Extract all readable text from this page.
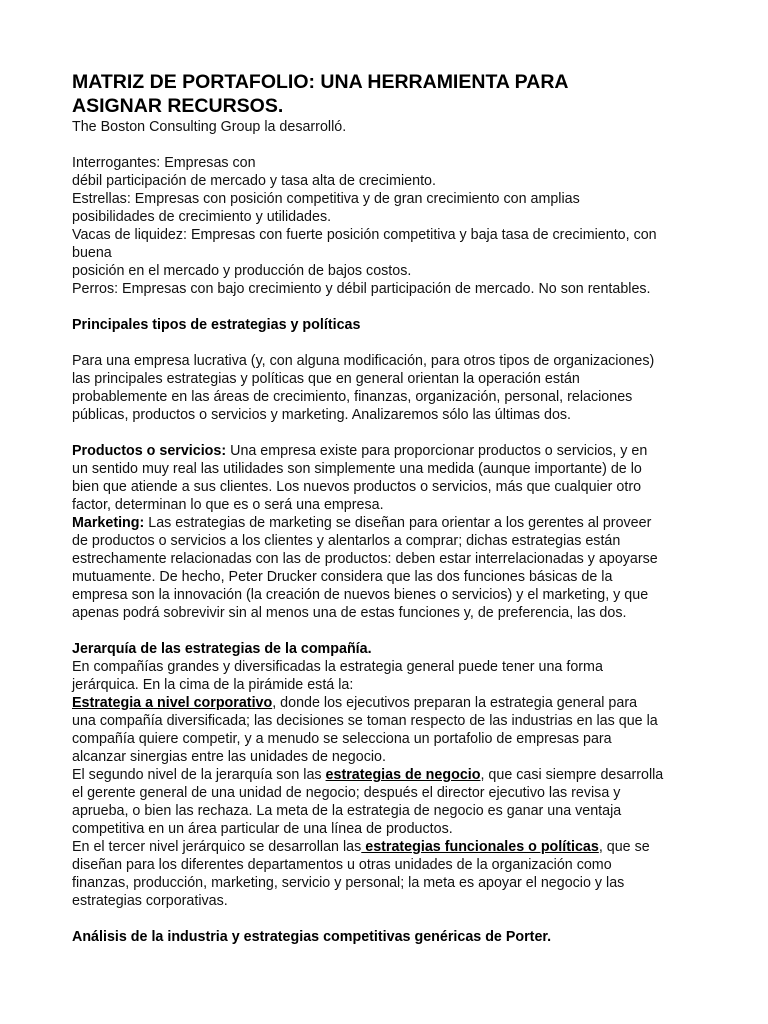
MATRIZ DE PORTAFOLIO: UNA HERRAMIENTA PARA
ASIGNAR RECURSOS.
The Boston Consulting Group la desarrolló.
Interrogantes: Empresas con
débil participación de mercado y tasa alta de crecimiento.
Estrellas: Empresas con posición competitiva y de gran crecimiento con amplias
posibilidades de crecimiento y utilidades.
Vacas de liquidez: Empresas con fuerte posición competitiva y baja tasa de crecimiento, con
buena
posición en el mercado y producción de bajos costos.
Perros: Empresas con bajo crecimiento y débil participación de mercado. No son rentables.
Principales tipos de estrategias y políticas
Para una empresa lucrativa (y, con alguna modificación, para otros tipos de organizaciones)
las principales estrategias y políticas que en general orientan la operación están
probablemente en las áreas de crecimiento, finanzas, organización, personal, relaciones
públicas, productos o servicios y marketing. Analizaremos sólo las últimas dos.
Productos o servicios: Una empresa existe para proporcionar productos o servicios, y en
un sentido muy real las utilidades son simplemente una medida (aunque importante) de lo
bien que atiende a sus clientes. Los nuevos productos o servicios, más que cualquier otro
factor, determinan lo que es o será una empresa.
Marketing: Las estrategias de marketing se diseñan para orientar a los gerentes al proveer
de productos o servicios a los clientes y alentarlos a comprar; dichas estrategias están
estrechamente relacionadas con las de productos: deben estar interrelacionadas y apoyarse
mutuamente. De hecho, Peter Drucker considera que las dos funciones básicas de la
empresa son la innovación (la creación de nuevos bienes o servicios) y el marketing, y que
apenas podrá sobrevivir sin al menos una de estas funciones y, de preferencia, las dos.
Jerarquía de las estrategias de la compañía.
En compañías grandes y diversificadas la estrategia general puede tener una forma
jerárquica. En la cima de la pirámide está la:
Estrategia a nivel corporativo, donde los ejecutivos preparan la estrategia general para
una compañía diversificada; las decisiones se toman respecto de las industrias en las que la
compañía quiere competir, y a menudo se selecciona un portafolio de empresas para
alcanzar sinergias entre las unidades de negocio.
El segundo nivel de la jerarquía son las estrategias de negocio, que casi siempre desarrolla
el gerente general de una unidad de negocio; después el director ejecutivo las revisa y
aprueba, o bien las rechaza. La meta de la estrategia de negocio es ganar una ventaja
competitiva en un área particular de una línea de productos.
En el tercer nivel jerárquico se desarrollan las estrategias funcionales o políticas, que se
diseñan para los diferentes departamentos u otras unidades de la organización como
finanzas, producción, marketing, servicio y personal; la meta es apoyar el negocio y las
estrategias corporativas.
Análisis de la industria y estrategias competitivas genéricas de Porter.
